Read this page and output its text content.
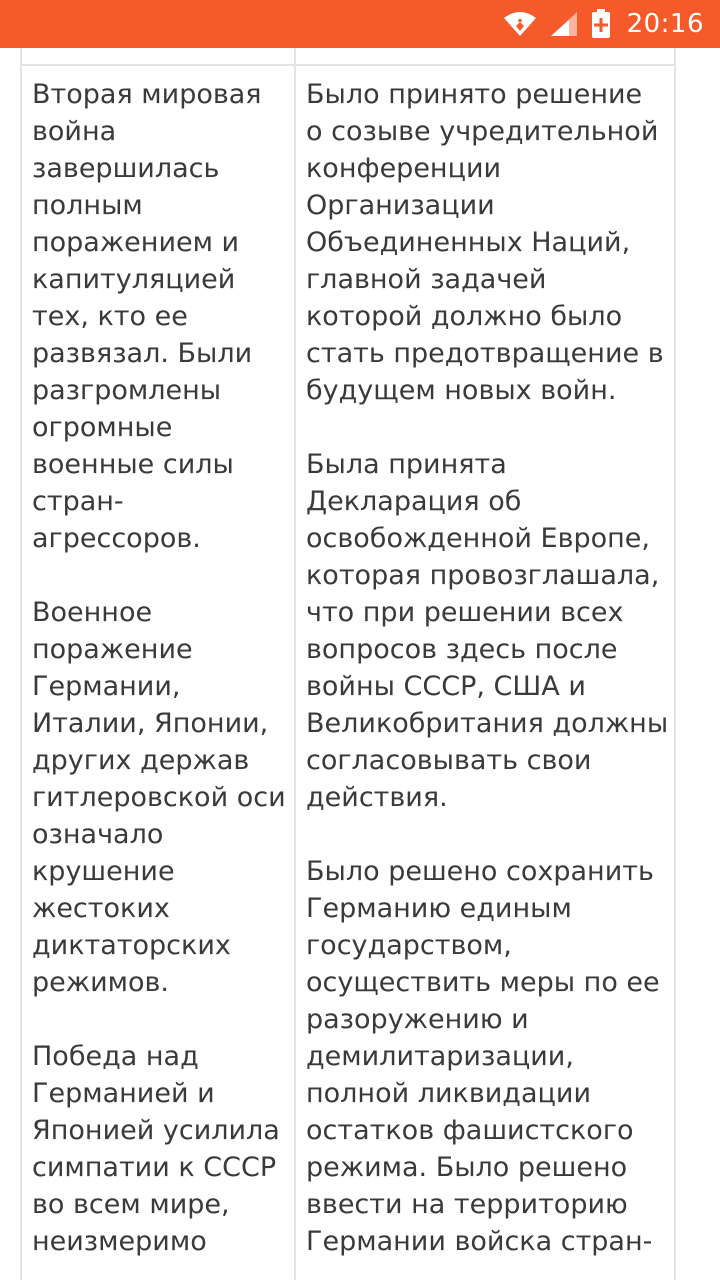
20:16

Вторая мировая
война
завершилась
полным
поражением и
капитуляцией
тех, кто ее
развязал. Были
разгромлены
огромные
военные силы
стран-
агрессоров.

Военное
поражение
Германии,
Италии, Японии,
других держав
гитлеровской оси
означало
крушение
жестоких
диктаторских
режимов.

Победа над
Германией и
Японией усилила
симпатии к СССР
во всем мире,
неизмеримо

Было принято решение
о созыве учредительной
конференции
Организации
Объединенных Наций,
главной задачей
которой должно было
стать предотвращение в
будущем новых войн.

Была принята
Декларация об
освобожденной Европе,
которая провозглашала,
что при решении всех
вопросов здесь после
войны СССР, США и
Великобритания должны
согласовывать свои
действия.

Было решено сохранить
Германию единым
государством,
осуществить меры по ее
разоружению и
демилитаризации,
полной ликвидации
остатков фашистского
режима. Было решено
ввести на территорию
Германии войска стран-
